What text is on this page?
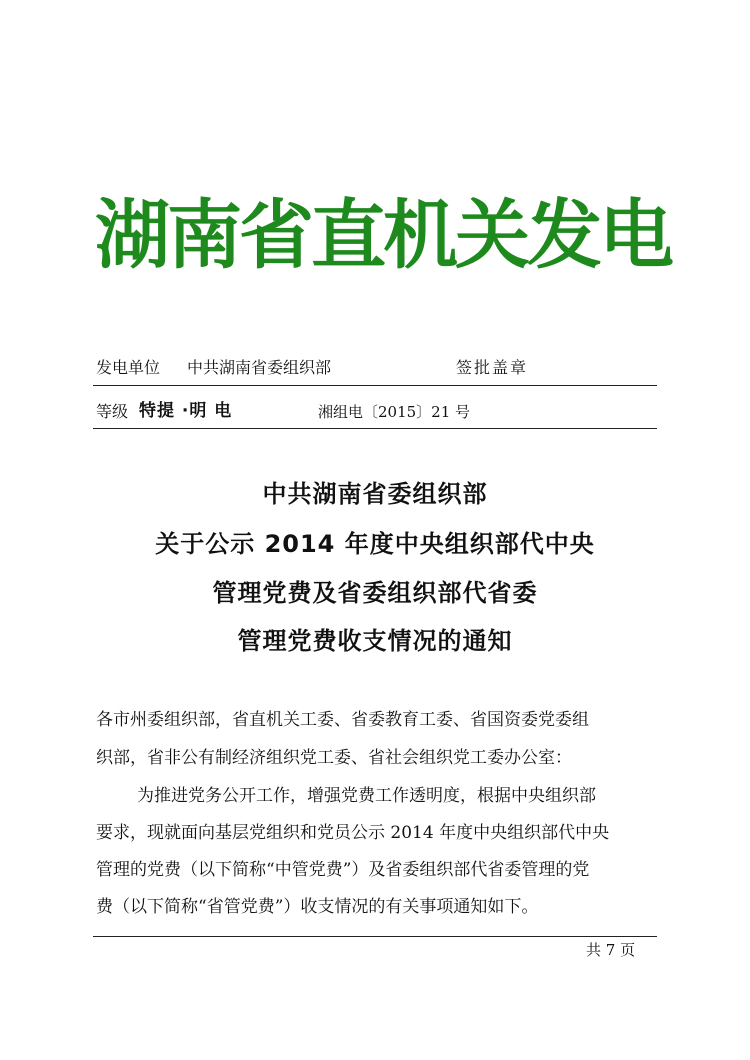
湖南省直机关发电
发电单位 中共湖南省委组织部	签批盖章
等级 特提 ·明 电	湘组电〔2015〕21 号
中共湖南省委组织部
关于公示 2014 年度中央组织部代中央
管理党费及省委组织部代省委
管理党费收支情况的通知
各市州委组织部，省直机关工委、省委教育工委、省国资委党委组
织部，省非公有制经济组织党工委、省社会组织党工委办公室：
为推进党务公开工作，增强党费工作透明度，根据中央组织部
要求，现就面向基层党组织和党员公示 2014 年度中央组织部代中央
管理的党费（以下简称“中管党费”）及省委组织部代省委管理的党
费（以下简称“省管党费”）收支情况的有关事项通知如下。
共 7 页
